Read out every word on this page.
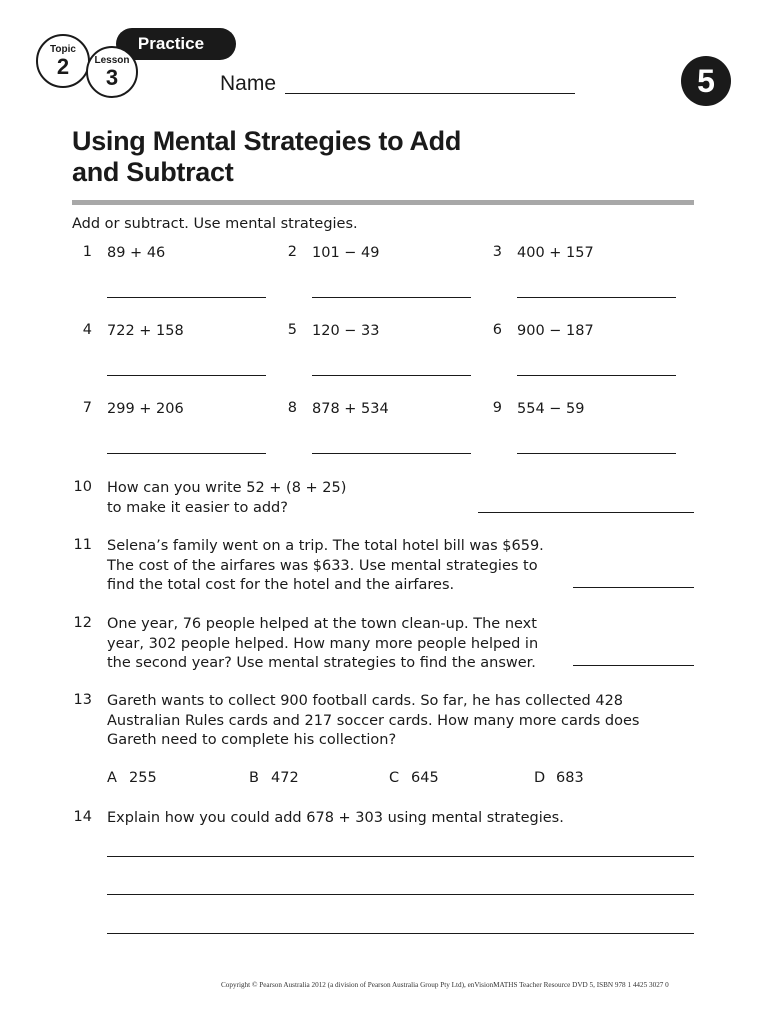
Practice
Topic
2	Lesson
3	Name	5
Using Mental Strategies to Add
and Subtract
Add or subtract. Use mental strategies.
1 89 + 46	2 101 − 49	3 400 + 157
4 722 + 158	5 120 − 33	6 900 − 187
7 299 + 206	8 878 + 534	9 554 − 59
10 How can you write 52 + (8 + 25)
to make it easier to add?
11 Selena’s family went on a trip. The total hotel bill was $659.
The cost of the airfares was $633. Use mental strategies to
find the total cost for the hotel and the airfares.
12 One year, 76 people helped at the town clean-up. The next
year, 302 people helped. How many more people helped in
the second year? Use mental strategies to find the answer.
13 Gareth wants to collect 900 football cards. So far, he has collected 428
Australian Rules cards and 217 soccer cards. How many more cards does
Gareth need to complete his collection?
A 255	B 472	C 645	D 683
14 Explain how you could add 678 + 303 using mental strategies.
Copyright © Pearson Australia 2012 (a division of Pearson Australia Group Pty Ltd), enVisionMATHS Teacher Resource DVD 5, ISBN 978 1 4425 3027 0
